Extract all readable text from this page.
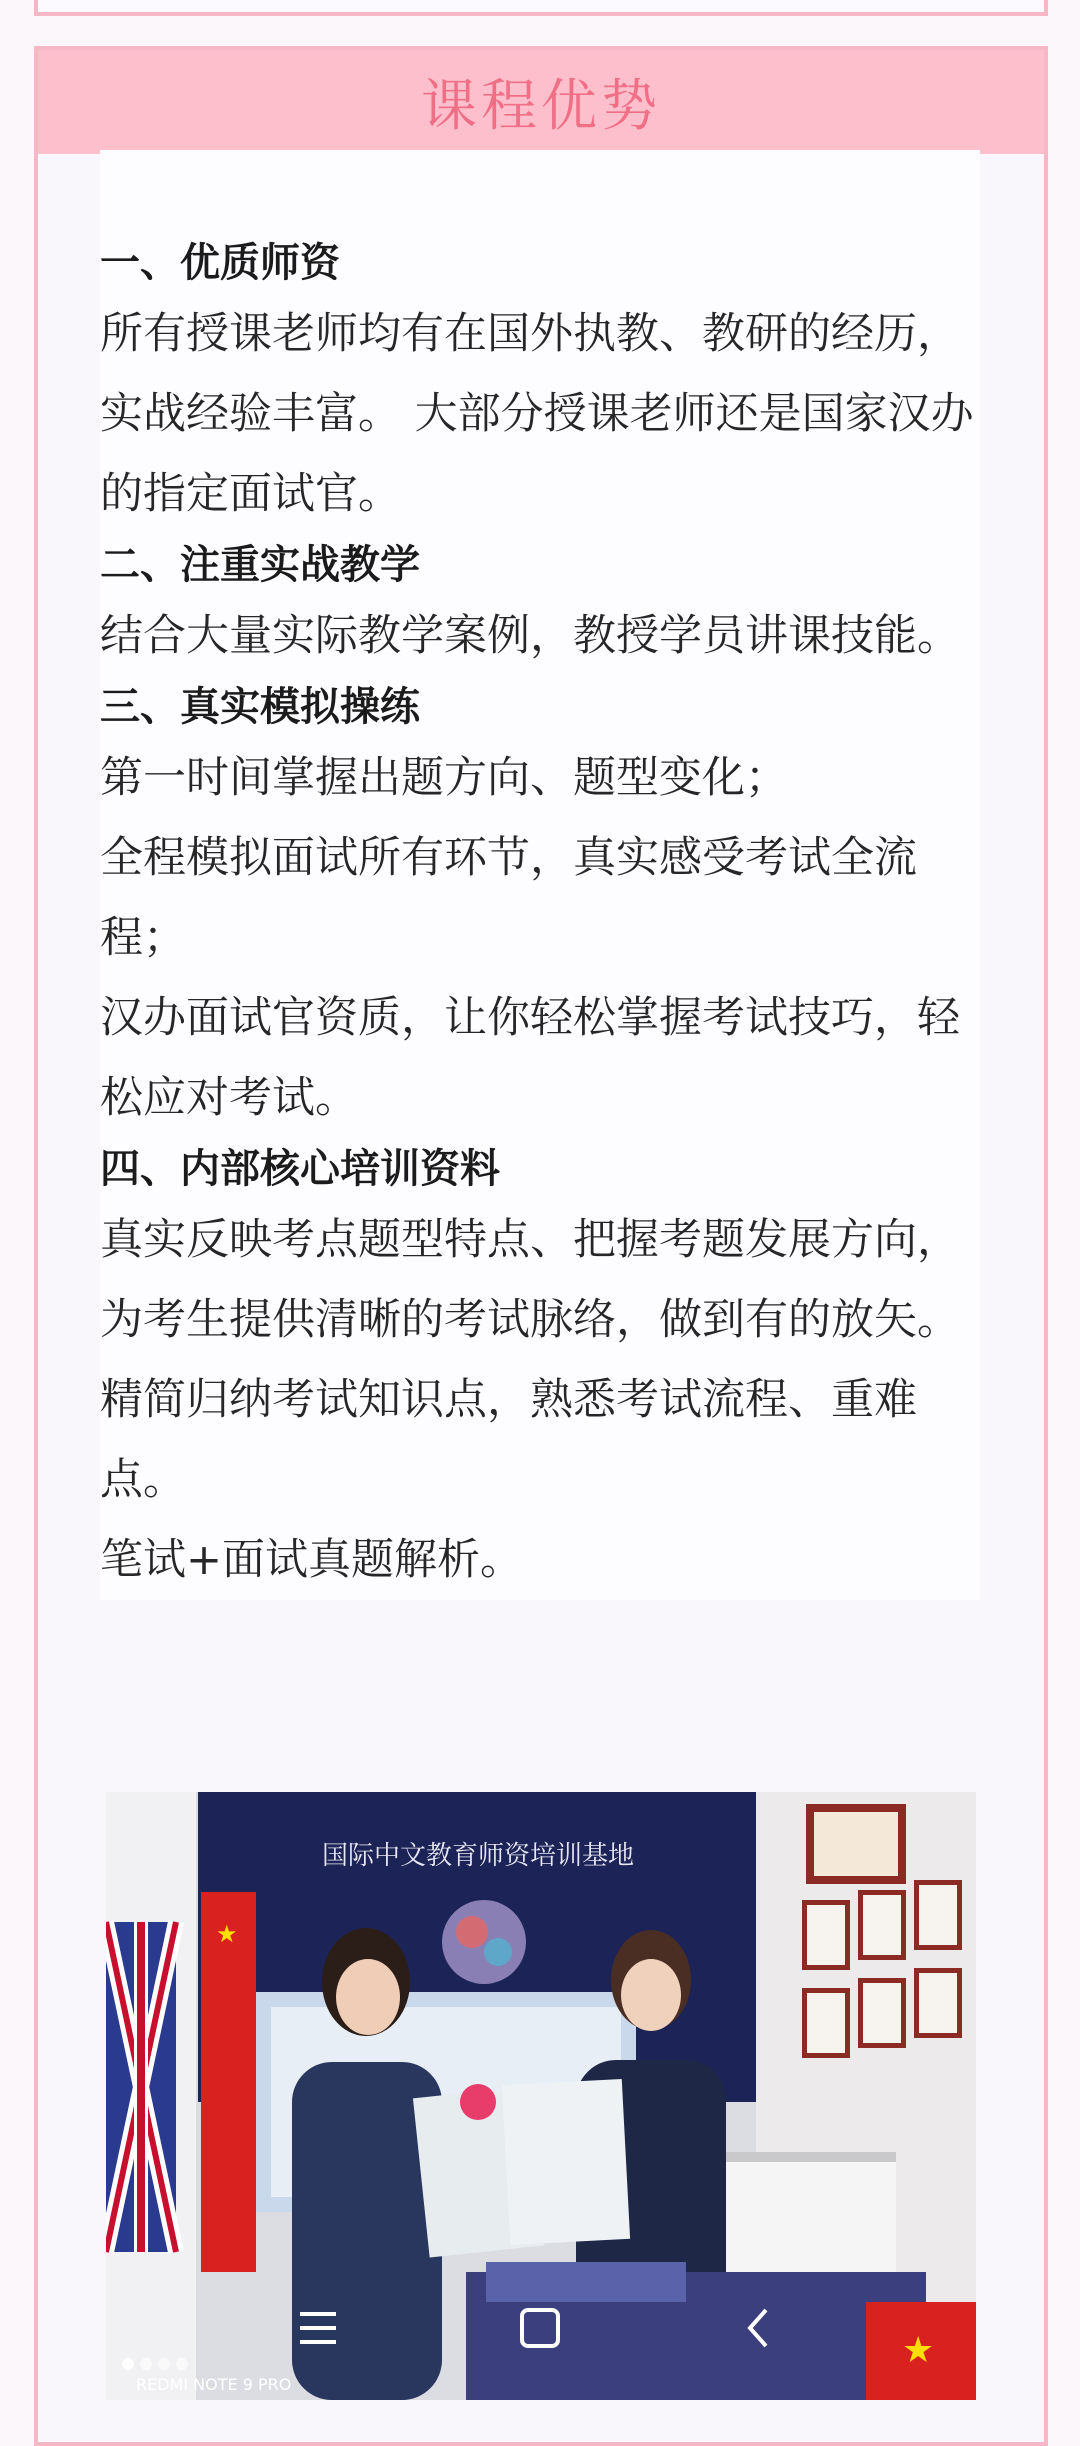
课程优势
一、优质师资
所有授课老师均有在国外执教、教研的经历，实战经验丰富。 大部分授课老师还是国家汉办的指定面试官。
二、注重实战教学
结合大量实际教学案例，教授学员讲课技能。
三、真实模拟操练
第一时间掌握出题方向、题型变化；
全程模拟面试所有环节，真实感受考试全流程；
汉办面试官资质，让你轻松掌握考试技巧，轻松应对考试。
四、内部核心培训资料
真实反映考点题型特点、把握考题发展方向，为考生提供清晰的考试脉络，做到有的放矢。
精简归纳考试知识点，熟悉考试流程、重难点。
笔试+面试真题解析。
国际中文教育师资培训基地
★
★
REDMI NOTE 9 PRO
